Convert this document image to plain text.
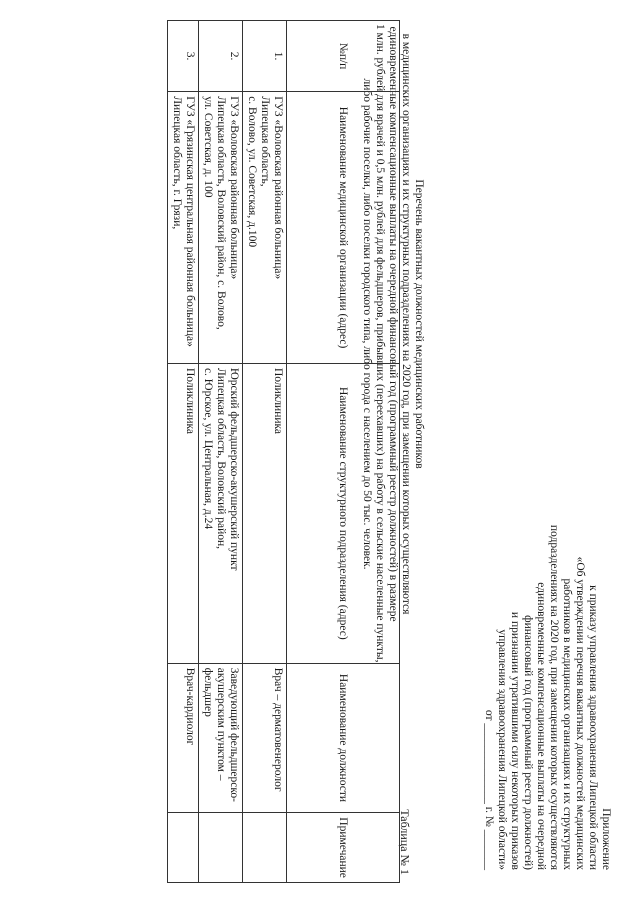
Приложение
к приказу управления здравоохранения Липецкой области
«Об утверждении перечня вакантных должностей медицинских
работников в медицинских организациях и их структурных
подразделениях на 2020 год, при замещении которых осуществляются
единовременные компенсационные выплаты на очередной
финансовый год (программный реестр должностей)
и признании утратившими силу некоторых приказов
управления здравоохранения Липецкой области»
от ______________ г. № _______
Перечень вакантных должностей медицинских работников
в медицинских организациях и их структурных подразделениях на 2020 год, при замещении которых осуществляются
единовременные компенсационные выплаты на очередной финансовый год (программный реестр должностей) в размере
1 млн. рублей для врачей и 0,5 млн. рублей для фельдшеров, прибывших (переехавших) на работу в сельские населенные пункты,
либо рабочие поселки, либо поселки городского типа, либо города с населением до 50 тыс. человек.
Таблица № 1
№п/п	Наименование медицинской организации (адрес)	Наименование структурного подразделения (адрес)	Наименование должности	Примечание
1.	ГУЗ «Воловская районная больница»
Липецкая область,
с. Волово, ул. Советская, д.100	Поликлиника	Врач – дерматовенеролог	
2.	ГУЗ «Воловская районная больница»
Липецкая область, Воловский район, с. Волово,
ул. Советская, д. 100	Юрский фельдшерско-акушерский пункт
Липецкая область, Воловский район,
с. Юрское, ул. Центральная, д.24	Заведующий фельдшерско-акушерским пунктом – фельдшер	
3.	ГУЗ «Грязинская центральная районная больница» Липецкая область, г. Грязи,	Поликлиника	Врач-кардиолог	
